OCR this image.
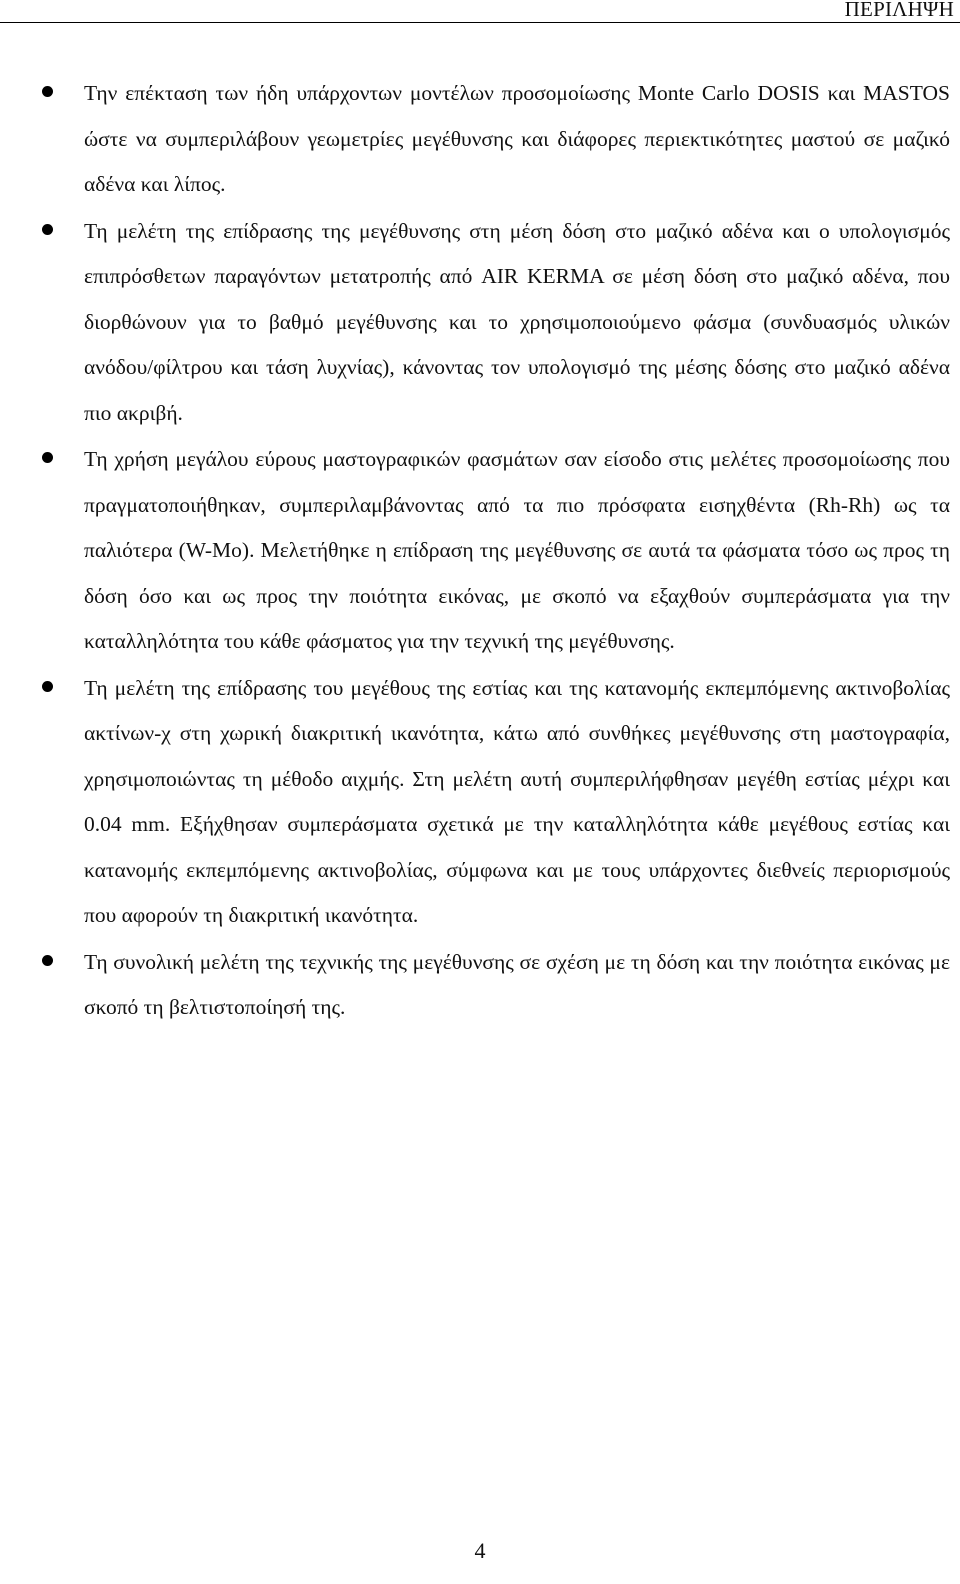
ΠΕΡΙΛΗΨΗ
Την επέκταση των ήδη υπάρχοντων μοντέλων προσομοίωσης Monte Carlo DOSIS και MASTOS ώστε να συμπεριλάβουν γεωμετρίες μεγέθυνσης και διάφορες περιεκτικότητες μαστού σε μαζικό αδένα και λίπος.
Τη μελέτη της επίδρασης της μεγέθυνσης στη μέση δόση στο μαζικό αδένα και ο υπολογισμός επιπρόσθετων παραγόντων μετατροπής από AIR KERMA σε μέση δόση στο μαζικό αδένα, που διορθώνουν για το βαθμό μεγέθυνσης και το χρησιμοποιούμενο φάσμα (συνδυασμός υλικών ανόδου/φίλτρου και τάση λυχνίας), κάνοντας τον υπολογισμό της μέσης δόσης στο μαζικό αδένα πιο ακριβή.
Τη χρήση μεγάλου εύρους μαστογραφικών φασμάτων σαν είσοδο στις μελέτες προσομοίωσης που πραγματοποιήθηκαν, συμπεριλαμβάνοντας από τα πιο πρόσφατα εισηχθέντα (Rh-Rh) ως τα παλιότερα (W-Mo). Μελετήθηκε η επίδραση της μεγέθυνσης σε αυτά τα φάσματα τόσο ως προς τη δόση όσο και ως προς την ποιότητα εικόνας, με σκοπό να εξαχθούν συμπεράσματα για την καταλληλότητα του κάθε φάσματος για την τεχνική της μεγέθυνσης.
Τη μελέτη της επίδρασης του μεγέθους της εστίας και της κατανομής εκπεμπόμενης ακτινοβολίας ακτίνων-χ στη χωρική διακριτική ικανότητα, κάτω από συνθήκες μεγέθυνσης στη μαστογραφία, χρησιμοποιώντας τη μέθοδο αιχμής. Στη μελέτη αυτή συμπεριλήφθησαν μεγέθη εστίας μέχρι και 0.04 mm. Εξήχθησαν συμπεράσματα σχετικά με την καταλληλότητα κάθε μεγέθους εστίας και κατανομής εκπεμπόμενης ακτινοβολίας, σύμφωνα και με τους υπάρχοντες διεθνείς περιορισμούς που αφορούν τη διακριτική ικανότητα.
Τη συνολική μελέτη της τεχνικής της μεγέθυνσης σε σχέση με τη δόση και την ποιότητα εικόνας με σκοπό τη βελτιστοποίησή της.
4
